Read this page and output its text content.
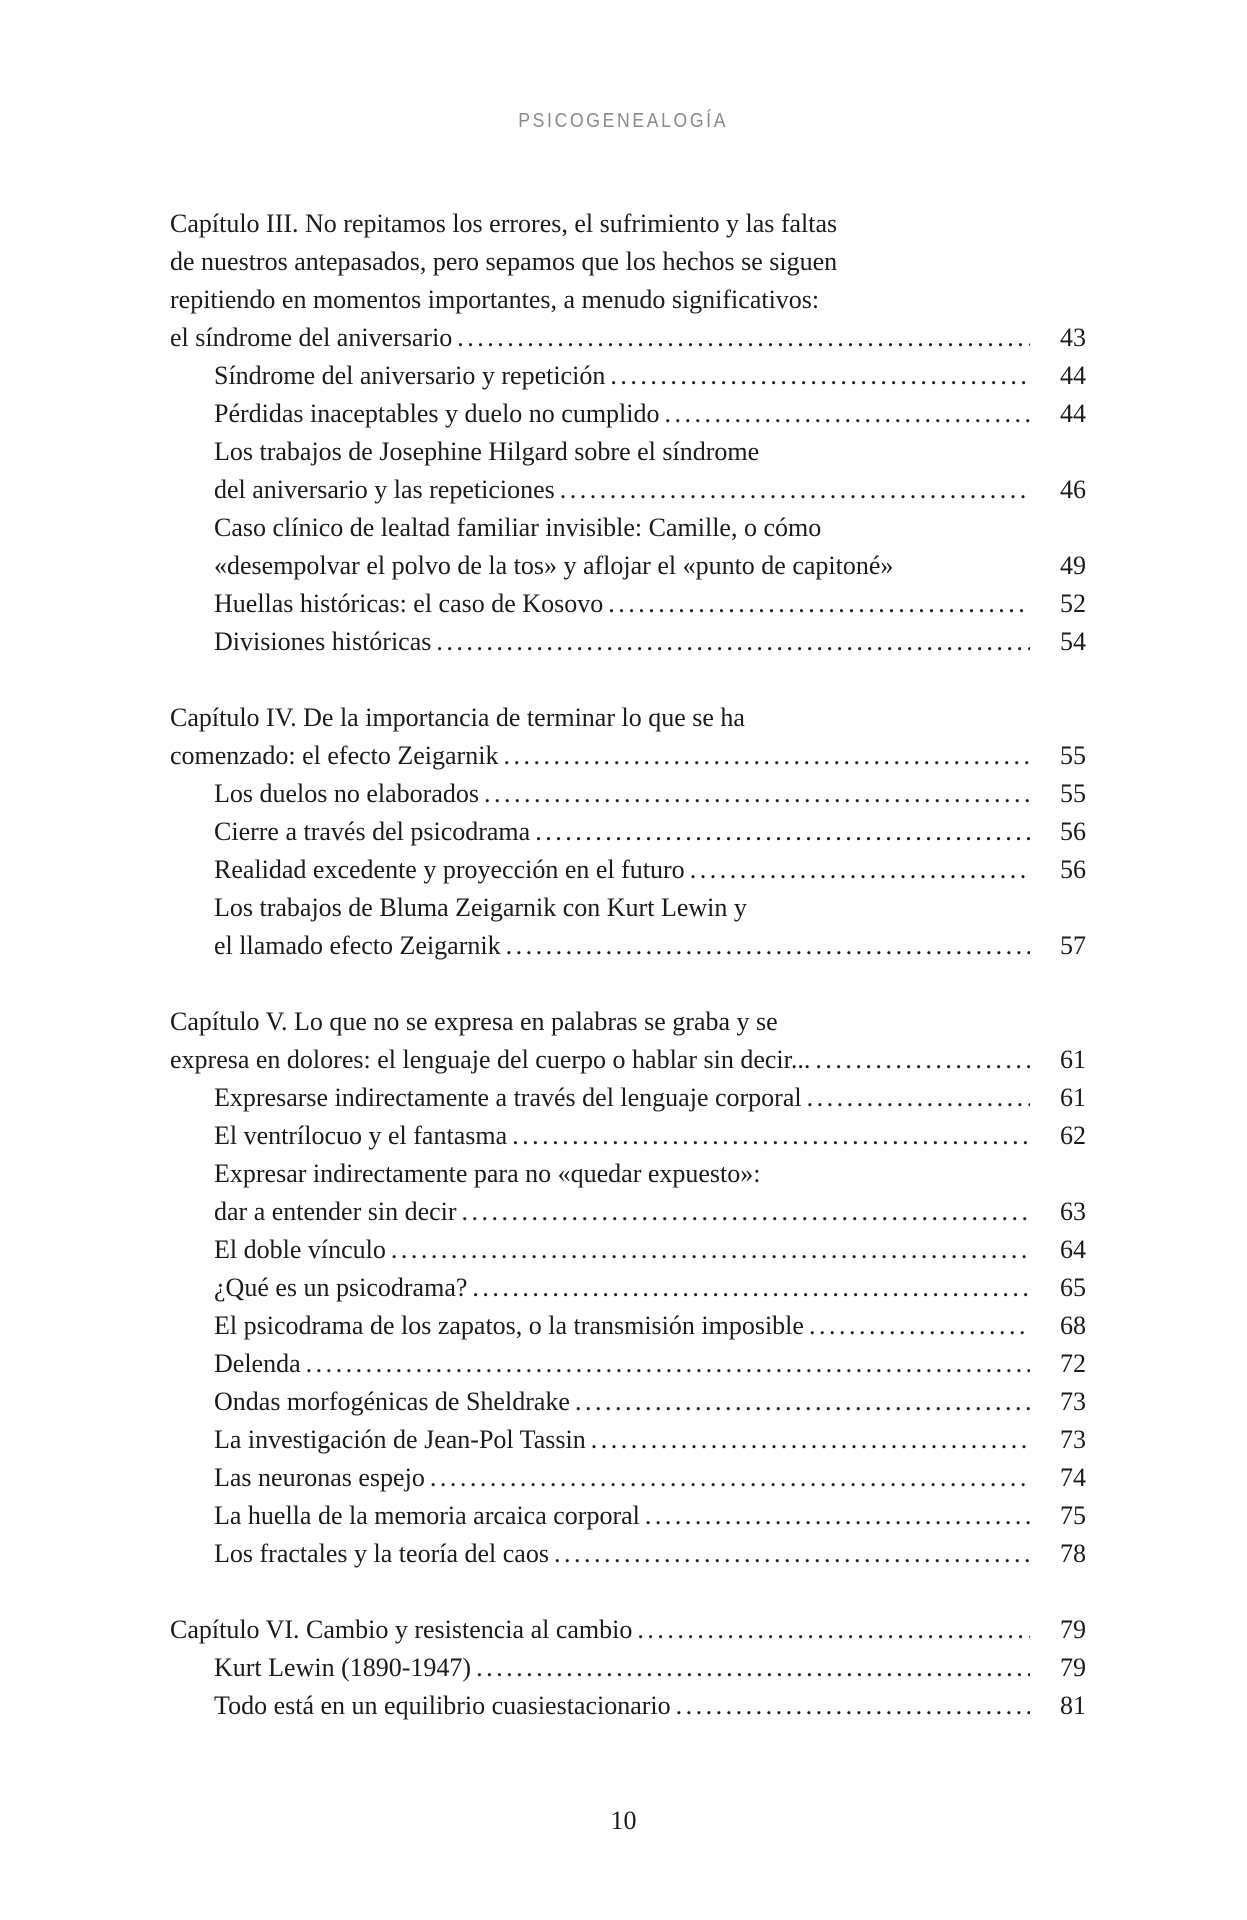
PSICOGENEALOGÍA
Capítulo III. No repitamos los errores, el sufrimiento y las faltas
de nuestros antepasados, pero sepamos que los hechos se siguen
repitiendo en momentos importantes, a menudo significativos:
el síndrome del aniversario .....	43
Síndrome del aniversario y repetición .....	44
Pérdidas inaceptables y duelo no cumplido .....	44
Los trabajos de Josephine Hilgard sobre el síndrome
del aniversario y las repeticiones .....	46
Caso clínico de lealtad familiar invisible: Camille, o cómo
«desempolvar el polvo de la tos» y aflojar el «punto de capitoné»	49
Huellas históricas: el caso de Kosovo .....	52
Divisiones históricas .....	54
Capítulo IV. De la importancia de terminar lo que se ha
comenzado: el efecto Zeigarnik .....	55
Los duelos no elaborados .....	55
Cierre a través del psicodrama .....	56
Realidad excedente y proyección en el futuro .....	56
Los trabajos de Bluma Zeigarnik con Kurt Lewin y
el llamado efecto Zeigarnik .....	57
Capítulo V. Lo que no se expresa en palabras se graba y se
expresa en dolores: el lenguaje del cuerpo o hablar sin decir... .....	61
Expresarse indirectamente a través del lenguaje corporal .....	61
El ventrílocuo y el fantasma .....	62
Expresar indirectamente para no «quedar expuesto»:
dar a entender sin decir .....	63
El doble vínculo .....	64
¿Qué es un psicodrama? .....	65
El psicodrama de los zapatos, o la transmisión imposible .....	68
Delenda .....	72
Ondas morfogénicas de Sheldrake .....	73
La investigación de Jean-Pol Tassin .....	73
Las neuronas espejo .....	74
La huella de la memoria arcaica corporal .....	75
Los fractales y la teoría del caos .....	78
Capítulo VI. Cambio y resistencia al cambio .....	79
Kurt Lewin (1890-1947) .....	79
Todo está en un equilibrio cuasiestacionario .....	81
10
